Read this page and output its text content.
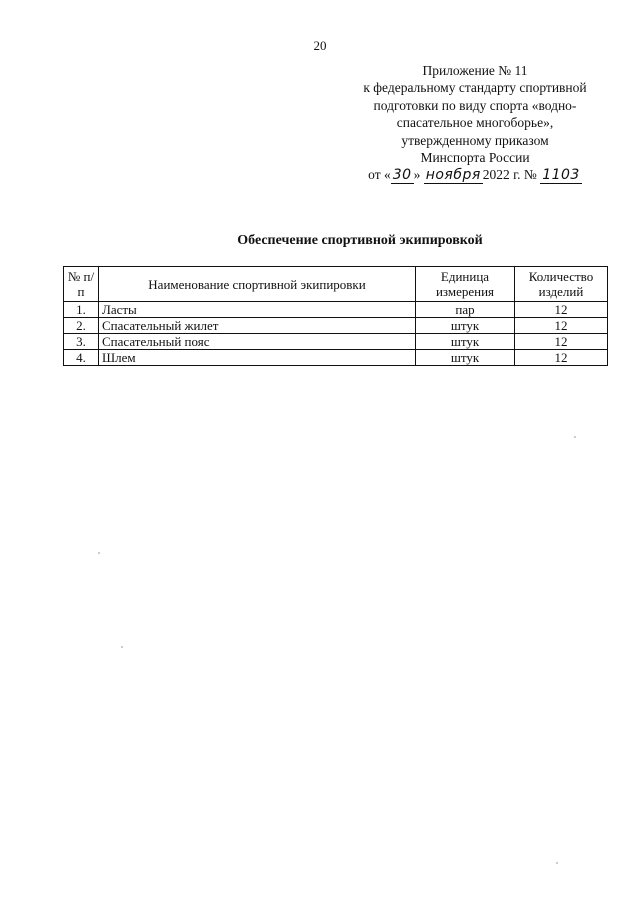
20
Приложение № 11
к федеральному стандарту спортивной
подготовки по виду спорта «водно-
спасательное многоборье»,
утвержденному приказом
Минспорта России
от « 30 » ноября 2022 г. № 1103
Обеспечение спортивной экипировкой
№ п/п	Наименование спортивной экипировки	Единица измерения	Количество изделий
1.	Ласты	пар	12
2.	Спасательный жилет	штук	12
3.	Спасательный пояс	штук	12
4.	Шлем	штук	12
